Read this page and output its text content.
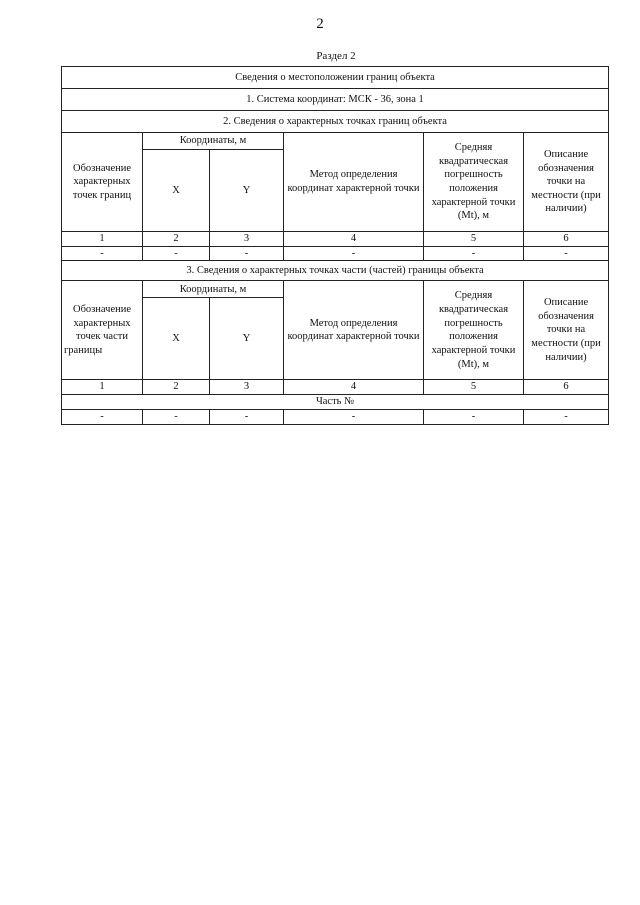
2
Раздел 2
Сведения о местоположении границ объекта					
1. Система координат: МСК - 36, зона 1					
2. Сведения о характерных точках границ объекта					
Обозначение характерных точек границ	Координаты, м		Метод определения координат характерной точки	Средняя квадратическая погрешность положения характерной точки (Mt), м	Описание обозначения точки на местности (при наличии)
	X	Y			
1	2	3	4	5	6
-	-	-	-	-	-
3. Сведения о характерных точках части (частей) границы объекта					
Обозначение характерных точек части границы	Координаты, м		Метод определения координат характерной точки	Средняя квадратическая погрешность положения характерной точки (Mt), м	Описание обозначения точки на местности (при наличии)
	X	Y			
1	2	3	4	5	6
Часть №					
-	-	-	-	-	-
